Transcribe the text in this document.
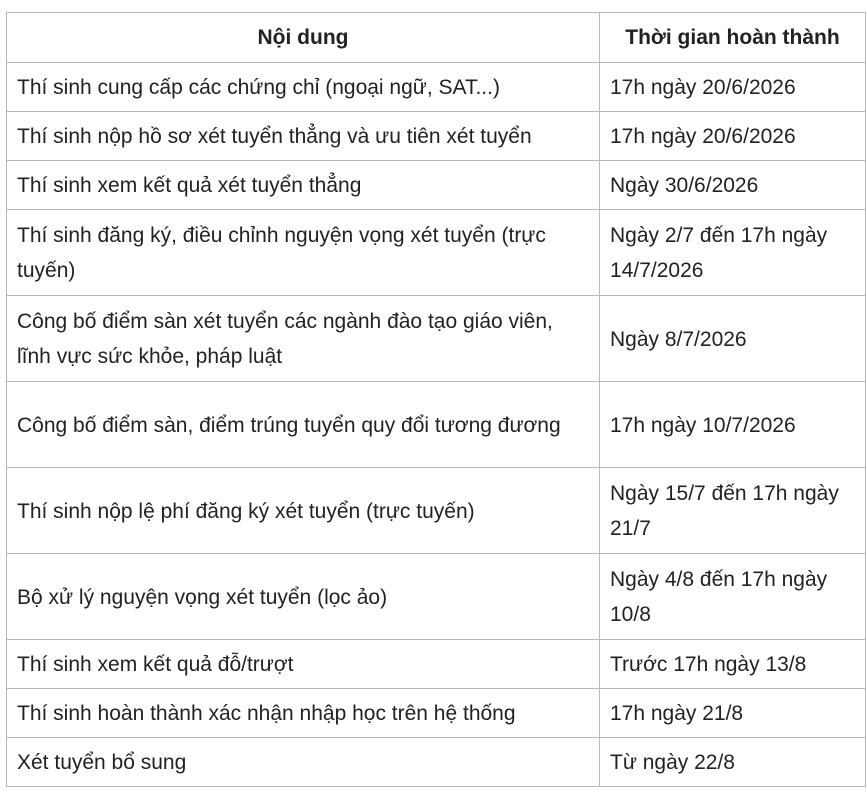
Nội dung	Thời gian hoàn thành
Thí sinh cung cấp các chứng chỉ (ngoại ngữ, SAT...)	17h ngày 20/6/2026
Thí sinh nộp hồ sơ xét tuyển thẳng và ưu tiên xét tuyển	17h ngày 20/6/2026
Thí sinh xem kết quả xét tuyển thẳng	Ngày 30/6/2026
Thí sinh đăng ký, điều chỉnh nguyện vọng xét tuyển (trực tuyến)	Ngày 2/7 đến 17h ngày 14/7/2026
Công bố điểm sàn xét tuyển các ngành đào tạo giáo viên, lĩnh vực sức khỏe, pháp luật	Ngày 8/7/2026
Công bố điểm sàn, điểm trúng tuyển quy đổi tương đương	17h ngày 10/7/2026
Thí sinh nộp lệ phí đăng ký xét tuyển (trực tuyến)	Ngày 15/7 đến 17h ngày 21/7
Bộ xử lý nguyện vọng xét tuyển (lọc ảo)	Ngày 4/8 đến 17h ngày 10/8
Thí sinh xem kết quả đỗ/trượt	Trước 17h ngày 13/8
Thí sinh hoàn thành xác nhận nhập học trên hệ thống	17h ngày 21/8
Xét tuyển bổ sung	Từ ngày 22/8
